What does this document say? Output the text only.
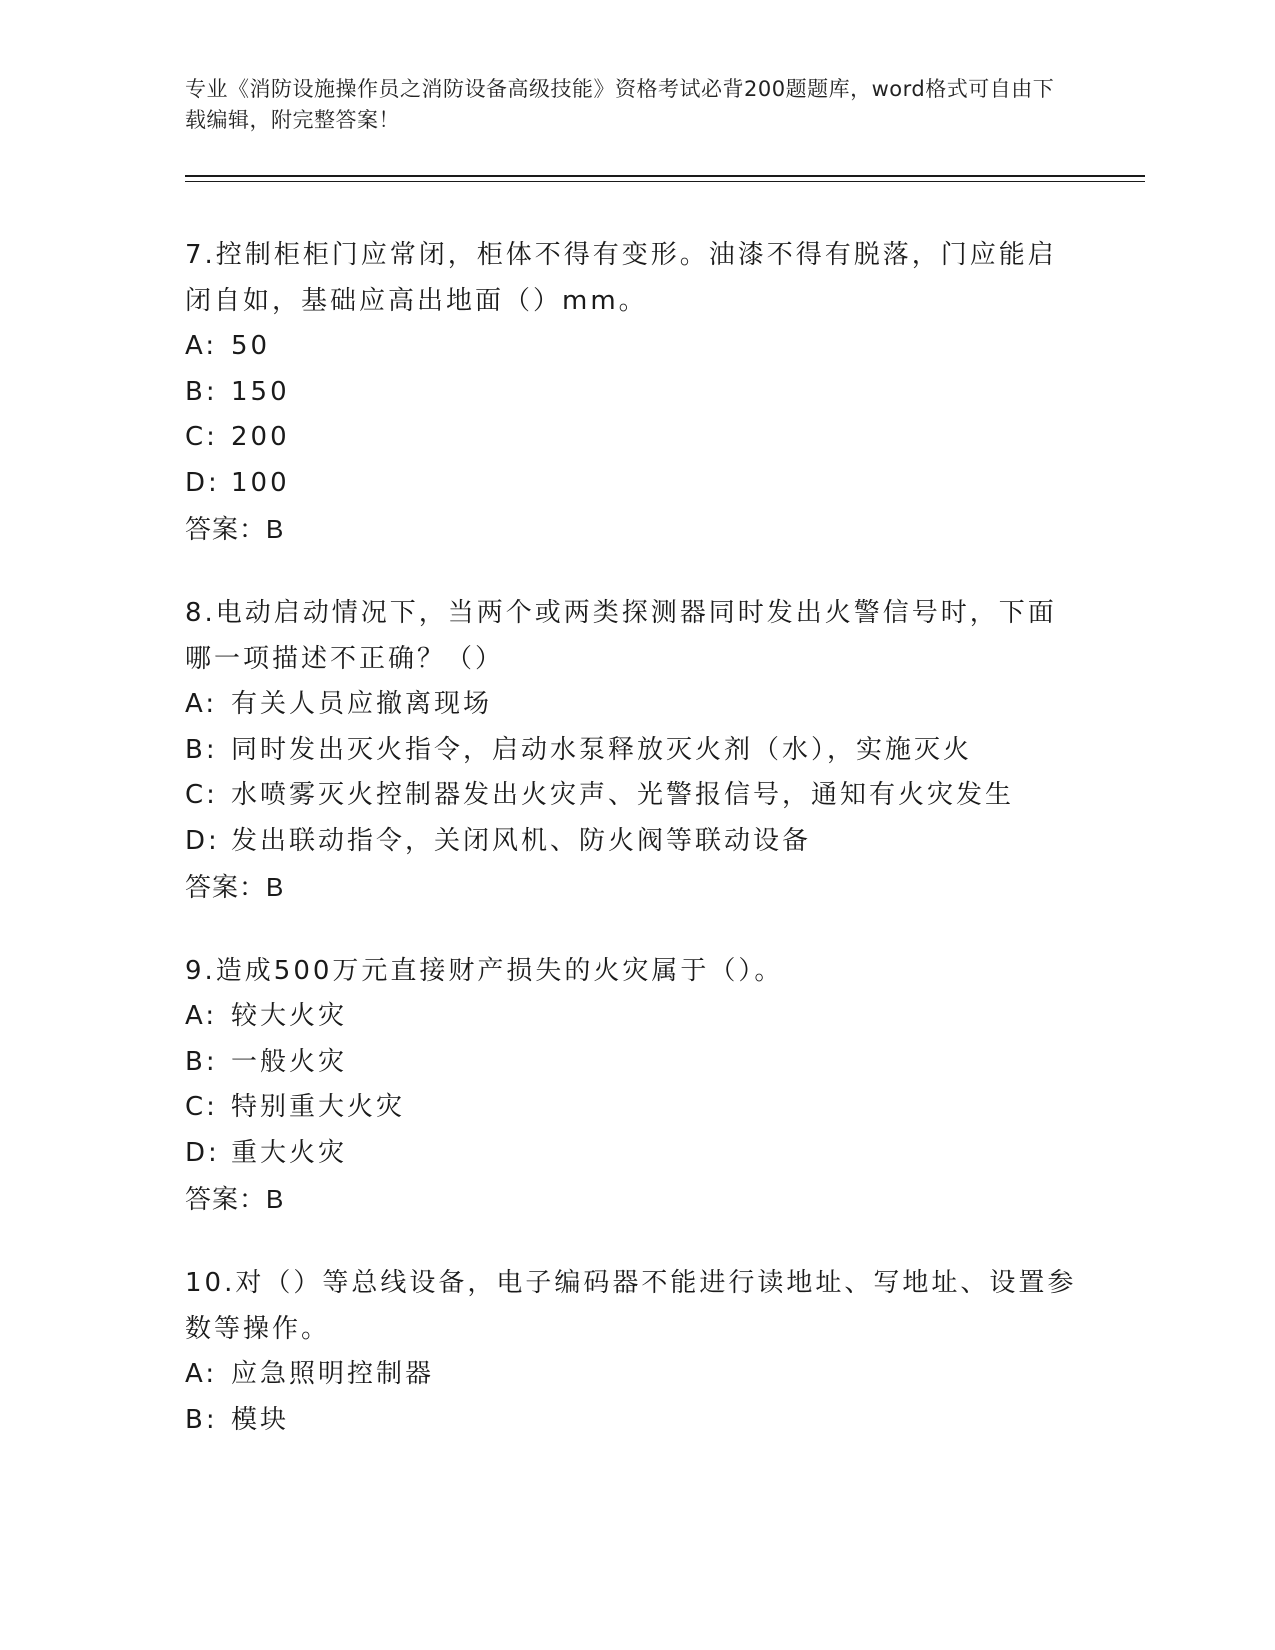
专业《消防设施操作员之消防设备高级技能》资格考试必背200题题库，word格式可自由下载编辑，附完整答案！

7.控制柜柜门应常闭，柜体不得有变形。油漆不得有脱落，门应能启闭自如，基础应高出地面（）mm。

A: 50

B: 150

C: 200

D: 100

答案：B

8.电动启动情况下，当两个或两类探测器同时发出火警信号时，下面哪一项描述不正确？（）

A: 有关人员应撤离现场

B: 同时发出灭火指令，启动水泵释放灭火剂（水），实施灭火

C: 水喷雾灭火控制器发出火灾声、光警报信号，通知有火灾发生

D: 发出联动指令，关闭风机、防火阀等联动设备

答案：B

9.造成500万元直接财产损失的火灾属于（）。

A: 较大火灾

B: 一般火灾

C: 特别重大火灾

D: 重大火灾

答案：B

10.对（）等总线设备，电子编码器不能进行读地址、写地址、设置参数等操作。

A: 应急照明控制器

B: 模块
